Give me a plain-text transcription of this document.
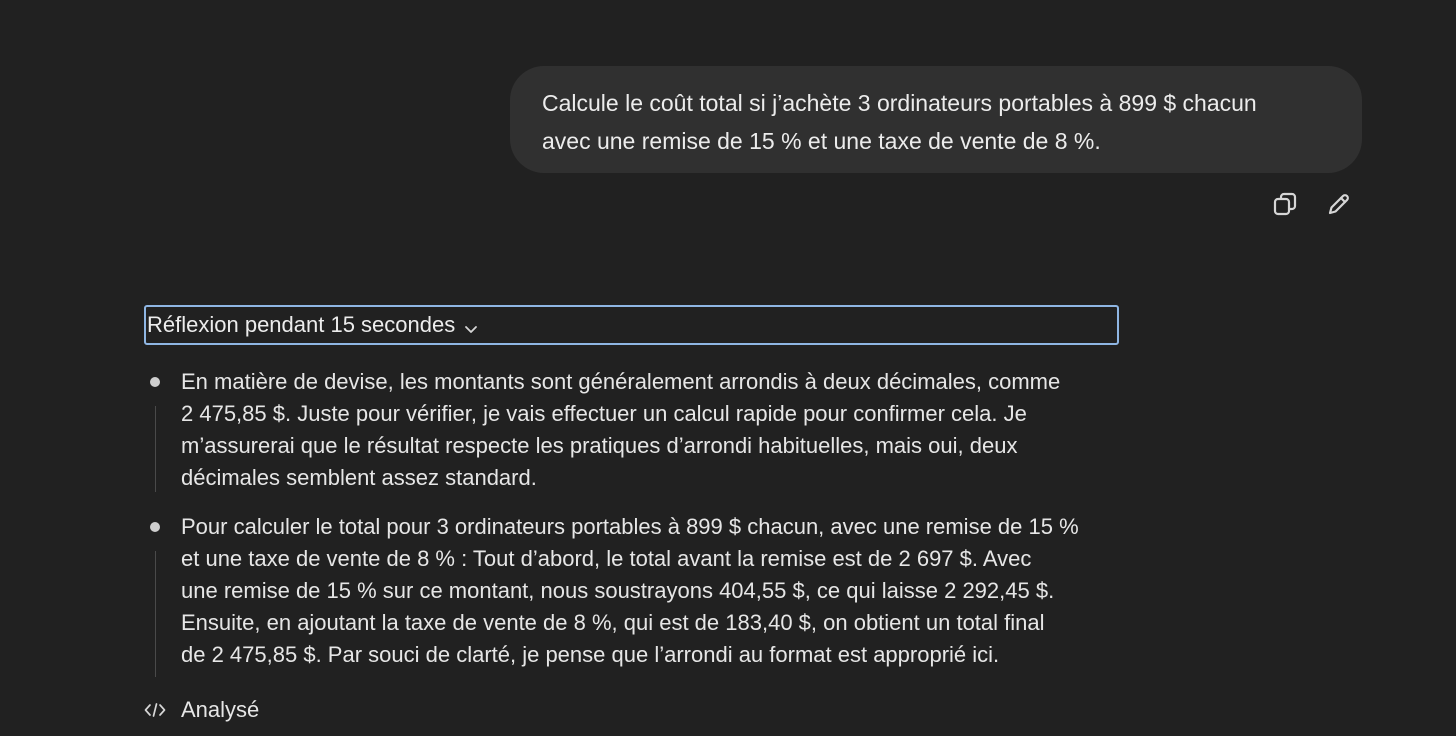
Calcule le coût total si j’achète 3 ordinateurs portables à 899 $ chacun
avec une remise de 15 % et une taxe de vente de 8 %.
Réflexion pendant 15 secondes
En matière de devise, les montants sont généralement arrondis à deux décimales, comme
2 475,85 $. Juste pour vérifier, je vais effectuer un calcul rapide pour confirmer cela. Je
m’assurerai que le résultat respecte les pratiques d’arrondi habituelles, mais oui, deux
décimales semblent assez standard.
Pour calculer le total pour 3 ordinateurs portables à 899 $ chacun, avec une remise de 15 %
et une taxe de vente de 8 % : Tout d’abord, le total avant la remise est de 2 697 $. Avec
une remise de 15 % sur ce montant, nous soustrayons 404,55 $, ce qui laisse 2 292,45 $.
Ensuite, en ajoutant la taxe de vente de 8 %, qui est de 183,40 $, on obtient un total final
de 2 475,85 $. Par souci de clarté, je pense que l’arrondi au format est approprié ici.
Analysé
